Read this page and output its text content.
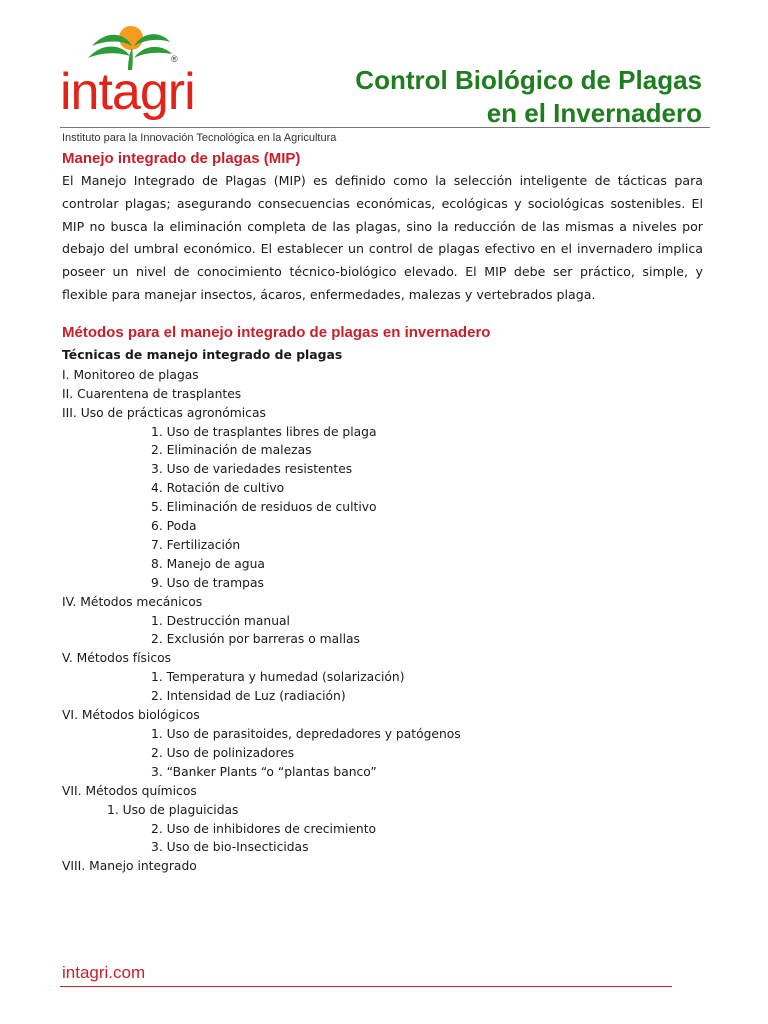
intagri
®
Control Biológico de Plagas
en el Invernadero
Instituto para la Innovación Tecnológica en la Agricultura

Manejo integrado de plagas (MIP)

El Manejo Integrado de Plagas (MIP) es definido como la selección inteligente de tácticas para controlar plagas; asegurando consecuencias económicas, ecológicas y sociológicas sostenibles. El MIP no busca la eliminación completa de las plagas, sino la reducción de las mismas a niveles por debajo del umbral económico. El establecer un control de plagas efectivo en el invernadero implica poseer un nivel de conocimiento técnico-biológico elevado. El MIP debe ser práctico, simple, y flexible para manejar insectos, ácaros, enfermedades, malezas y vertebrados plaga.

Métodos para el manejo integrado de plagas en invernadero

Técnicas de manejo integrado de plagas

I. Monitoreo de plagas

II. Cuarentena de trasplantes

III. Uso de prácticas agronómicas

1. Uso de trasplantes libres de plaga

2. Eliminación de malezas

3. Uso de variedades resistentes

4. Rotación de cultivo

5. Eliminación de residuos de cultivo

6. Poda

7. Fertilización

8. Manejo de agua

9. Uso de trampas

IV. Métodos mecánicos

1. Destrucción manual

2. Exclusión por barreras o mallas

V. Métodos físicos

1. Temperatura y humedad (solarización)

2. Intensidad de Luz (radiación)

VI. Métodos biológicos

1. Uso de parasitoides, depredadores y patógenos

2. Uso de polinizadores

3. “Banker Plants “o “plantas banco”

VII. Métodos químicos

1. Uso de plaguicidas

2. Uso de inhibidores de crecimiento

3. Uso de bio-Insecticidas

VIII. Manejo integrado

intagri.com
